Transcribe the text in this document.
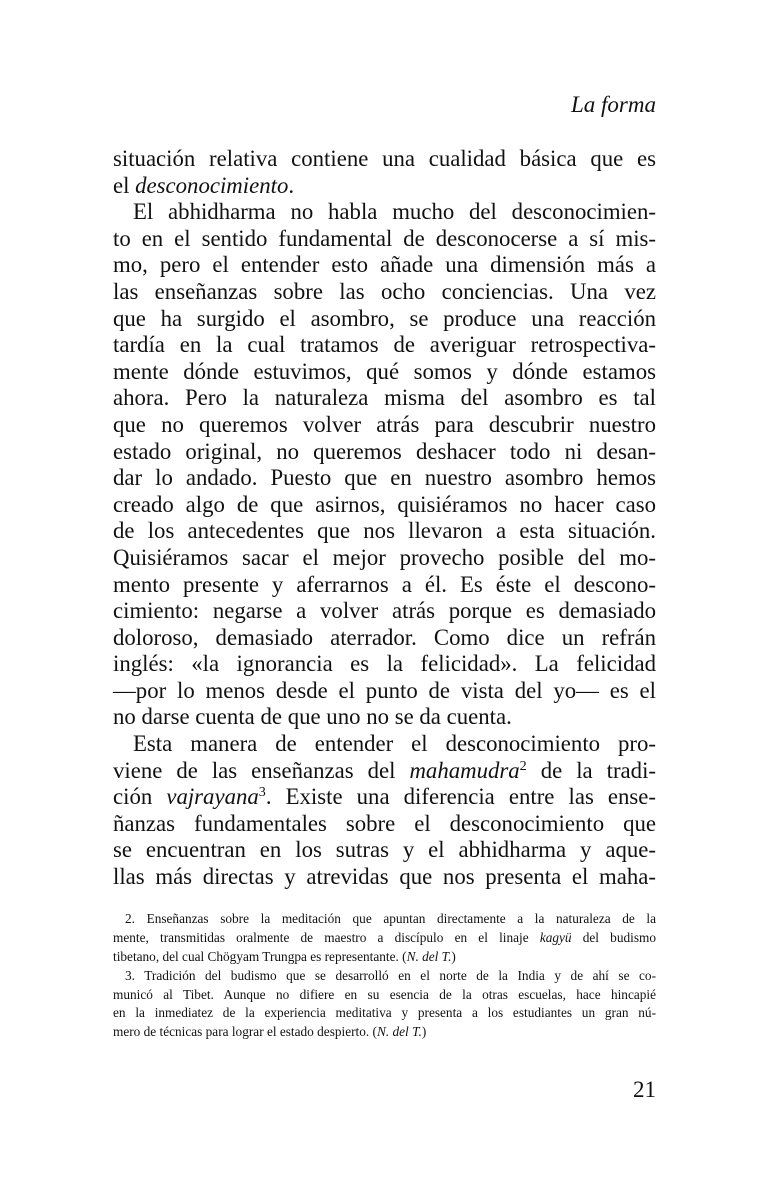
La forma
situación relativa contiene una cualidad básica que es
el desconocimiento.
El abhidharma no habla mucho del desconocimien-
to en el sentido fundamental de desconocerse a sí mis-
mo, pero el entender esto añade una dimensión más a
las enseñanzas sobre las ocho conciencias. Una vez
que ha surgido el asombro, se produce una reacción
tardía en la cual tratamos de averiguar retrospectiva-
mente dónde estuvimos, qué somos y dónde estamos
ahora. Pero la naturaleza misma del asombro es tal
que no queremos volver atrás para descubrir nuestro
estado original, no queremos deshacer todo ni desan-
dar lo andado. Puesto que en nuestro asombro hemos
creado algo de que asirnos, quisiéramos no hacer caso
de los antecedentes que nos llevaron a esta situación.
Quisiéramos sacar el mejor provecho posible del mo-
mento presente y aferrarnos a él. Es éste el descono-
cimiento: negarse a volver atrás porque es demasiado
doloroso, demasiado aterrador. Como dice un refrán
inglés: «la ignorancia es la felicidad». La felicidad
—por lo menos desde el punto de vista del yo— es el
no darse cuenta de que uno no se da cuenta.
Esta manera de entender el desconocimiento pro-
viene de las enseñanzas del mahamudra$^2$ de la tradi-
ción vajrayana$^3$. Existe una diferencia entre las ense-
ñanzas fundamentales sobre el desconocimiento que
se encuentran en los sutras y el abhidharma y aque-
llas más directas y atrevidas que nos presenta el maha-
2. Enseñanzas sobre la meditación que apuntan directamente a la naturaleza de la
mente, transmitidas oralmente de maestro a discípulo en el linaje kagyü del budismo
tibetano, del cual Chögyam Trungpa es representante. (N. del T.)
3. Tradición del budismo que se desarrolló en el norte de la India y de ahí se co-
municó al Tibet. Aunque no difiere en su esencia de la otras escuelas, hace hincapié
en la inmediatez de la experiencia meditativa y presenta a los estudiantes un gran nú-
mero de técnicas para lograr el estado despierto. (N. del T.)
21
